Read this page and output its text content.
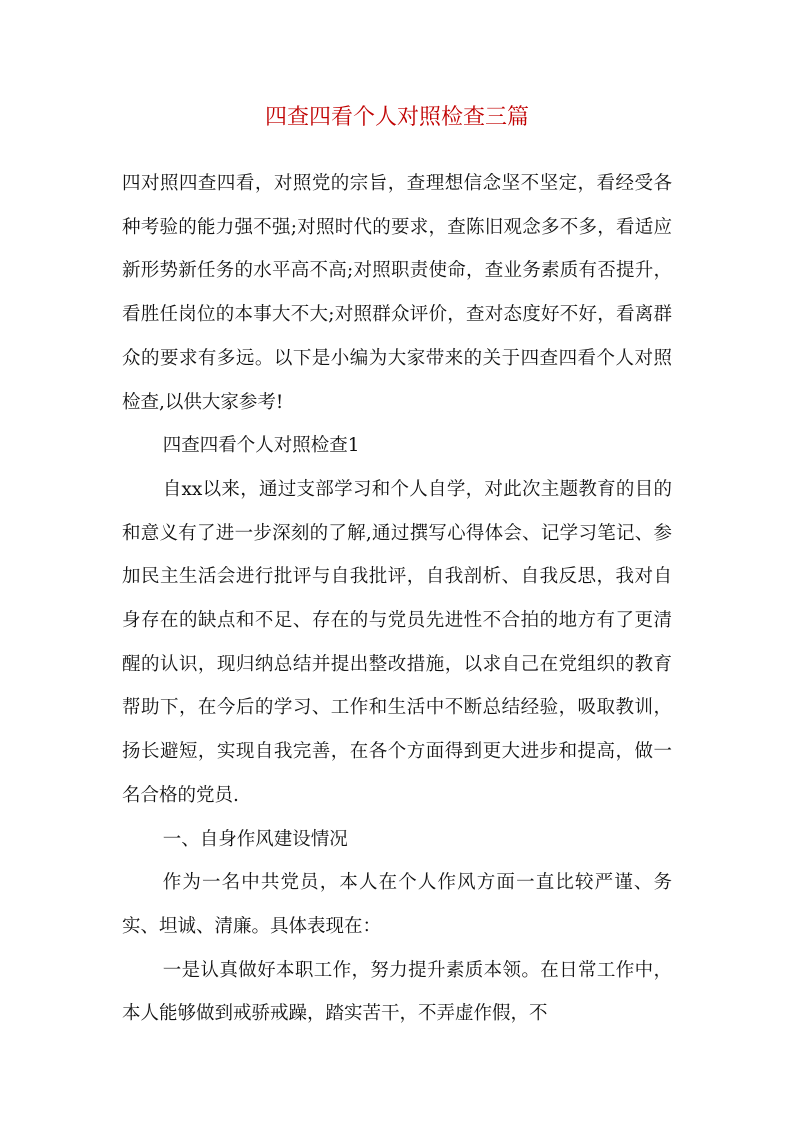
四查四看个人对照检查三篇

四对照四查四看，对照党的宗旨，查理想信念坚不坚定，看经受各种考验的能力强不强;对照时代的要求，查陈旧观念多不多，看适应新形势新任务的水平高不高;对照职责使命，查业务素质有否提升，看胜任岗位的本事大不大;对照群众评价，查对态度好不好，看离群众的要求有多远。以下是小编为大家带来的关于四查四看个人对照检查,以供大家参考!

四查四看个人对照检查1

自xx以来，通过支部学习和个人自学，对此次主题教育的目的和意义有了进一步深刻的了解,通过撰写心得体会、记学习笔记、参加民主生活会进行批评与自我批评，自我剖析、自我反思，我对自身存在的缺点和不足、存在的与党员先进性不合拍的地方有了更清醒的认识，现归纳总结并提出整改措施，以求自己在党组织的教育帮助下，在今后的学习、工作和生活中不断总结经验，吸取教训，扬长避短，实现自我完善，在各个方面得到更大进步和提高，做一名合格的党员.

一、自身作风建设情况

作为一名中共党员，本人在个人作风方面一直比较严谨、务实、坦诚、清廉。具体表现在：

一是认真做好本职工作，努力提升素质本领。在日常工作中，本人能够做到戒骄戒躁，踏实苦干，不弄虚作假，不
